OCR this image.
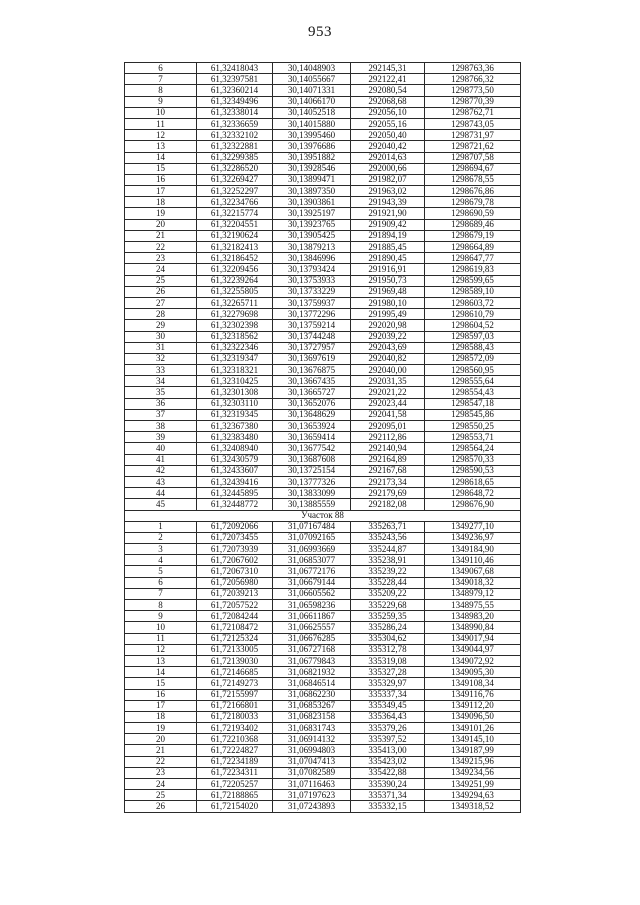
953
6	61,32418043	30,14048903	292145,31	1298763,36
7	61,32397581	30,14055667	292122,41	1298766,32
8	61,32360214	30,14071331	292080,54	1298773,50
9	61,32349496	30,14066170	292068,68	1298770,39
10	61,32338014	30,14052518	292056,10	1298762,71
11	61,32336659	30,14015880	292055,16	1298743,05
12	61,32332102	30,13995460	292050,40	1298731,97
13	61,32322881	30,13976686	292040,42	1298721,62
14	61,32299385	30,13951882	292014,63	1298707,58
15	61,32286520	30,13928546	292000,66	1298694,67
16	61,32269427	30,13899471	291982,07	1298678,55
17	61,32252297	30,13897350	291963,02	1298676,86
18	61,32234766	30,13903861	291943,39	1298679,78
19	61,32215774	30,13925197	291921,90	1298690,59
20	61,32204551	30,13923765	291909,42	1298689,46
21	61,32190624	30,13905425	291894,19	1298679,19
22	61,32182413	30,13879213	291885,45	1298664,89
23	61,32186452	30,13846996	291890,45	1298647,77
24	61,32209456	30,13793424	291916,91	1298619,83
25	61,32239264	30,13753933	291950,73	1298599,65
26	61,32255805	30,13733229	291969,48	1298589,10
27	61,32265711	30,13759937	291980,10	1298603,72
28	61,32279698	30,13772296	291995,49	1298610,79
29	61,32302398	30,13759214	292020,98	1298604,52
30	61,32318562	30,13744248	292039,22	1298597,03
31	61,32322346	30,13727957	292043,69	1298588,43
32	61,32319347	30,13697619	292040,82	1298572,09
33	61,32318321	30,13676875	292040,00	1298560,95
34	61,32310425	30,13667435	292031,35	1298555,64
35	61,32301308	30,13665727	292021,22	1298554,43
36	61,32303110	30,13652076	292023,44	1298547,18
37	61,32319345	30,13648629	292041,58	1298545,86
38	61,32367380	30,13653924	292095,01	1298550,25
39	61,32383480	30,13659414	292112,86	1298553,71
40	61,32408940	30,13677542	292140,94	1298564,24
41	61,32430579	30,13687608	292164,89	1298570,33
42	61,32433607	30,13725154	292167,68	1298590,53
43	61,32439416	30,13777326	292173,34	1298618,65
44	61,32445895	30,13833099	292179,69	1298648,72
45	61,32448772	30,13885559	292182,08	1298676,90
Участок 88				
1	61,72092066	31,07167484	335263,71	1349277,10
2	61,72073455	31,07092165	335243,56	1349236,97
3	61,72073939	31,06993669	335244,87	1349184,90
4	61,72067602	31,06853077	335238,91	1349110,46
5	61,72067310	31,06772176	335239,22	1349067,68
6	61,72056980	31,06679144	335228,44	1349018,32
7	61,72039213	31,06605562	335209,22	1348979,12
8	61,72057522	31,06598236	335229,68	1348975,55
9	61,72084244	31,06611867	335259,35	1348983,20
10	61,72108472	31,06625557	335286,24	1348990,84
11	61,72125324	31,06676285	335304,62	1349017,94
12	61,72133005	31,06727168	335312,78	1349044,97
13	61,72139030	31,06779843	335319,08	1349072,92
14	61,72146685	31,06821932	335327,28	1349095,30
15	61,72149273	31,06846514	335329,97	1349108,34
16	61,72155997	31,06862230	335337,34	1349116,76
17	61,72166801	31,06853267	335349,45	1349112,20
18	61,72180033	31,06823158	335364,43	1349096,50
19	61,72193402	31,06831743	335379,26	1349101,26
20	61,72210368	31,06914132	335397,52	1349145,10
21	61,72224827	31,06994803	335413,00	1349187,99
22	61,72234189	31,07047413	335423,02	1349215,96
23	61,72234311	31,07082589	335422,88	1349234,56
24	61,72205257	31,07116463	335390,24	1349251,99
25	61,72188865	31,07197623	335371,34	1349294,63
26	61,72154020	31,07243893	335332,15	1349318,52
